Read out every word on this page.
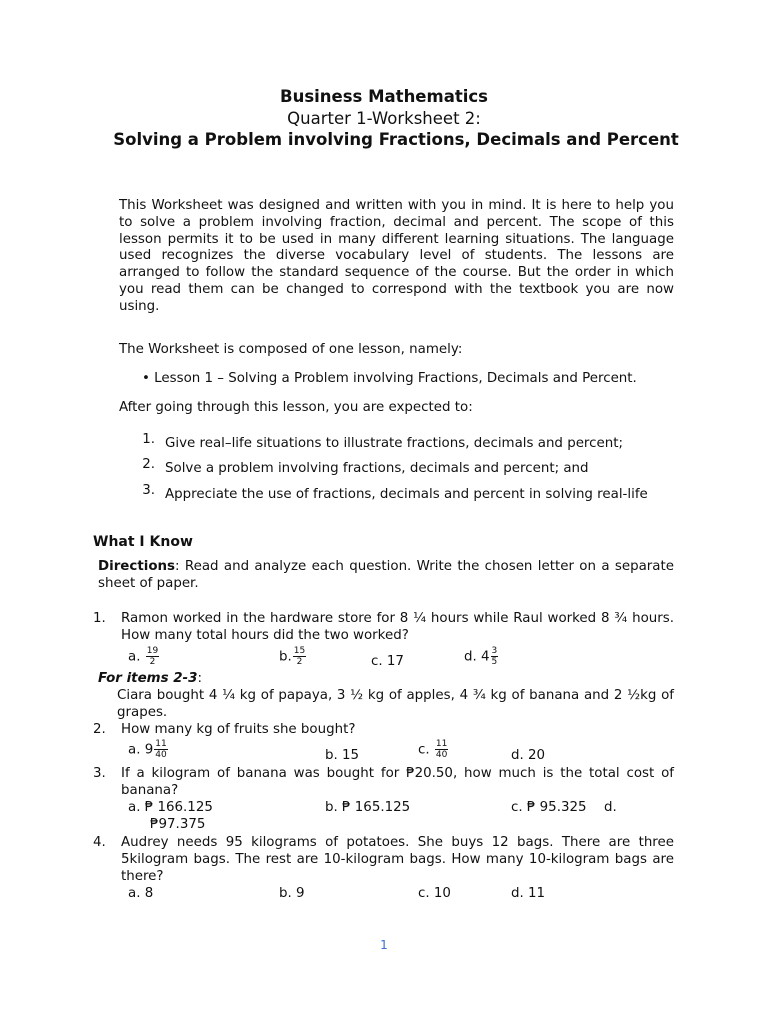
Business Mathematics
Quarter 1-Worksheet 2:
Solving a Problem involving Fractions, Decimals and Percent
This Worksheet was designed and written with you in mind. It is here to help you to solve a problem involving fraction, decimal and percent. The scope of this lesson permits it to be used in many different learning situations. The language used recognizes the diverse vocabulary level of students. The lessons are arranged to follow the standard sequence of the course. But the order in which you read them can be changed to correspond with the textbook you are now using.
The Worksheet is composed of one lesson, namely:
• Lesson 1 – Solving a Problem involving Fractions, Decimals and Percent.
After going through this lesson, you are expected to:
1. Give real–life situations to illustrate fractions, decimals and percent;
2. Solve a problem involving fractions, decimals and percent; and
3. Appreciate the use of fractions, decimals and percent in solving real-life
What I Know
Directions: Read and analyze each question. Write the chosen letter on a separate sheet of paper.
1. Ramon worked in the hardware store for 8 ¼ hours while Raul worked 8 ¾ hours. How many total hours did the two worked?
a. $\frac{19}{2}$	b. $\frac{15}{2}$	c. 17	d. $4 \frac{3}{5}$
For items 2-3:
Ciara bought 4 ¼ kg of papaya, 3 ½ kg of apples, 4 ¾ kg of banana and 2 ½kg of grapes.
2. How many kg of fruits she bought?
a. $9 \frac{11}{40}$	b. 15	c. $\frac{11}{40}$	d. 20
3. If a kilogram of banana was bought for ₱20.50, how much is the total cost of banana?
a. ₱ 166.125	b. ₱ 165.125	c. ₱ 95.325 d.
₱97.375
4. Audrey needs 95 kilograms of potatoes. She buys 12 bags. There are three 5kilogram bags. The rest are 10-kilogram bags. How many 10-kilogram bags are there?
a. 8	b. 9	c. 10	d. 11
1
